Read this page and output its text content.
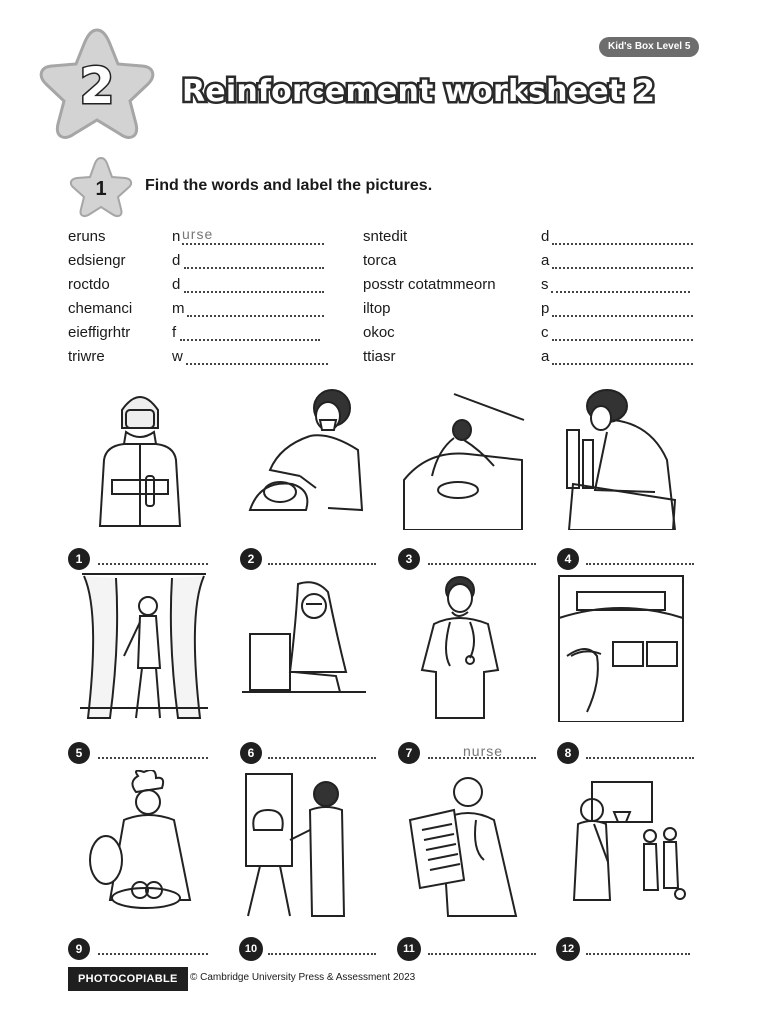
2	Reinforcement worksheet 2
Kid's Box Level 5
1	Find the words and label the pictures.
eruns	n urse
edsiengr	d
roctdo	d
chemanci	m
eieffigrhtr	f
triwre	w
sntedit	d
torca	a
posstr cotatmmeorn	s
iltop	p
okoc	c
ttiasr	a
1	2	3	4
5	6	7	nurse	8
9	10	11	12
PHOTOCOPIABLE	© Cambridge University Press & Assessment 2023
